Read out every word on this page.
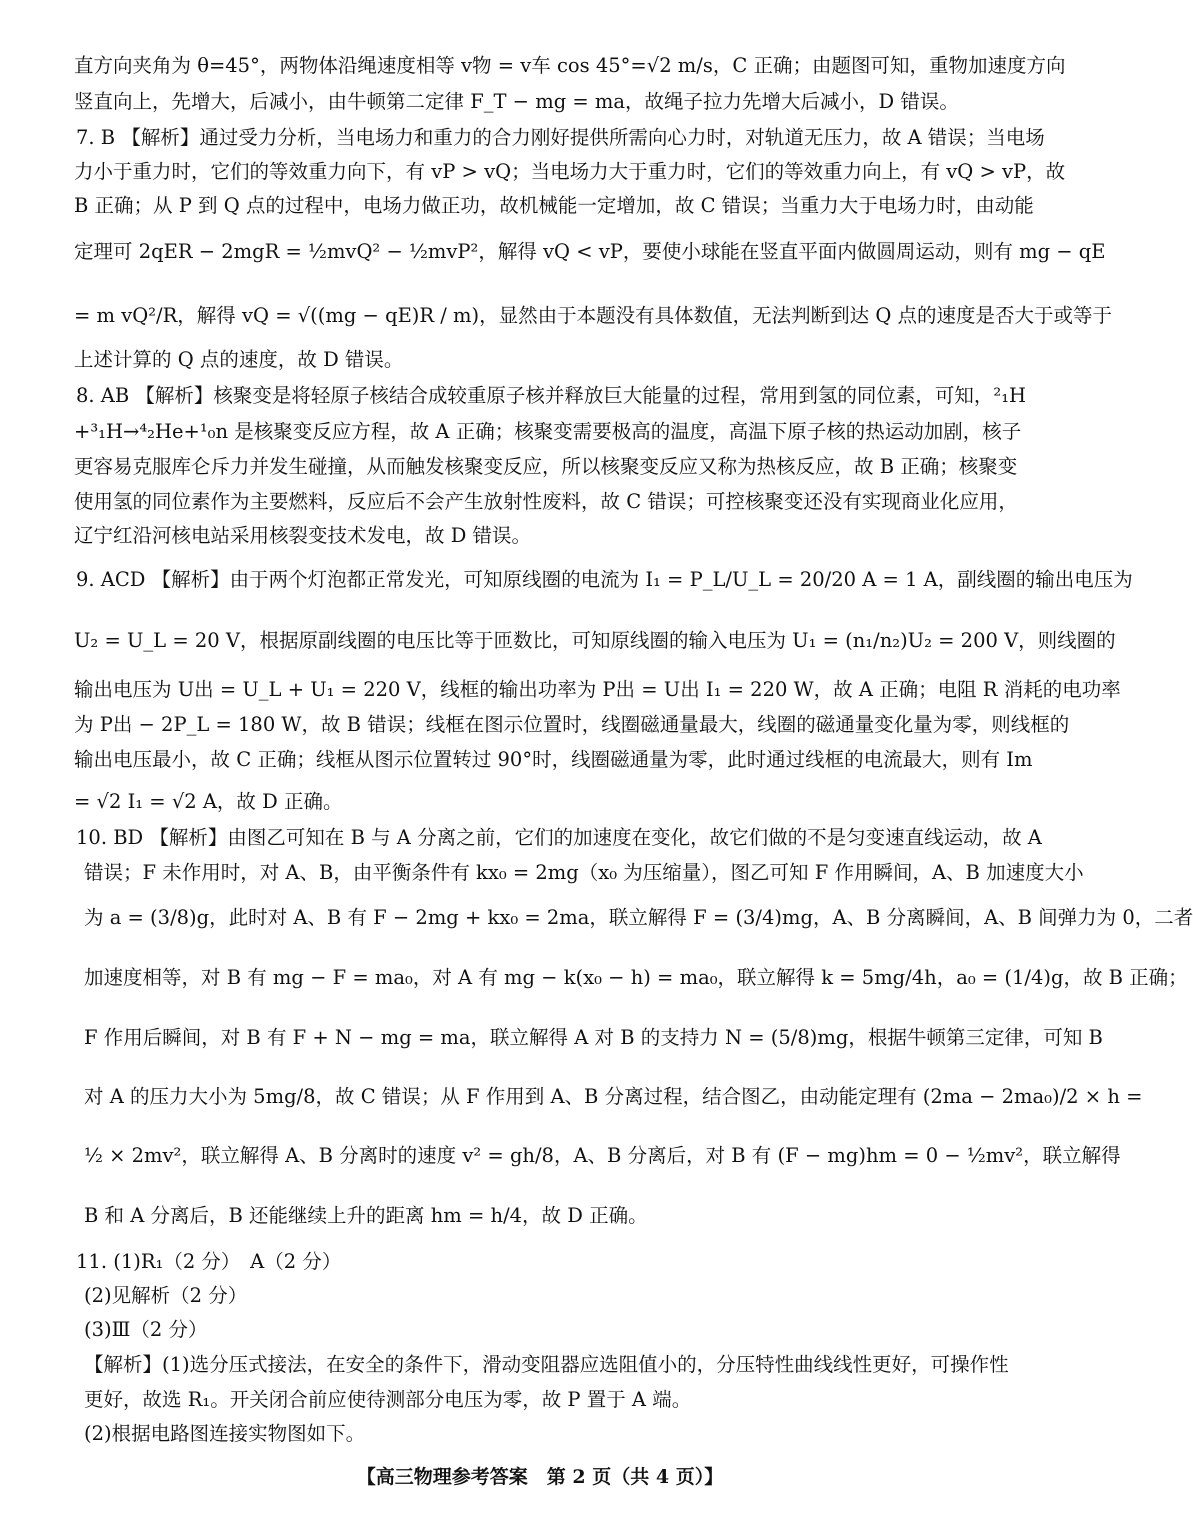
直方向夹角为 θ=45°，两物体沿绳速度相等 v物 = v车 cos 45°=√2 m/s，C 正确；由题图可知，重物加速度方向
竖直向上，先增大，后减小，由牛顿第二定律 F_T − mg = ma，故绳子拉力先增大后减小，D 错误。
7. B 【解析】通过受力分析，当电场力和重力的合力刚好提供所需向心力时，对轨道无压力，故 A 错误；当电场
力小于重力时，它们的等效重力向下，有 vP > vQ；当电场力大于重力时，它们的等效重力向上，有 vQ > vP，故
B 正确；从 P 到 Q 点的过程中，电场力做正功，故机械能一定增加，故 C 错误；当重力大于电场力时，由动能
定理可 2qER − 2mgR = ½mvQ² − ½mvP²，解得 vQ < vP，要使小球能在竖直平面内做圆周运动，则有 mg − qE
= m vQ²/R，解得 vQ = √((mg − qE)R / m)，显然由于本题没有具体数值，无法判断到达 Q 点的速度是否大于或等于
上述计算的 Q 点的速度，故 D 错误。
8. AB 【解析】核聚变是将轻原子核结合成较重原子核并释放巨大能量的过程，常用到氢的同位素，可知，²₁H
+³₁H→⁴₂He+¹₀n 是核聚变反应方程，故 A 正确；核聚变需要极高的温度，高温下原子核的热运动加剧，核子
更容易克服库仑斥力并发生碰撞，从而触发核聚变反应，所以核聚变反应又称为热核反应，故 B 正确；核聚变
使用氢的同位素作为主要燃料，反应后不会产生放射性废料，故 C 错误；可控核聚变还没有实现商业化应用，
辽宁红沿河核电站采用核裂变技术发电，故 D 错误。
9. ACD 【解析】由于两个灯泡都正常发光，可知原线圈的电流为 I₁ = P_L/U_L = 20/20 A = 1 A，副线圈的输出电压为
U₂ = U_L = 20 V，根据原副线圈的电压比等于匝数比，可知原线圈的输入电压为 U₁ = (n₁/n₂)U₂ = 200 V，则线圈的
输出电压为 U出 = U_L + U₁ = 220 V，线框的输出功率为 P出 = U出 I₁ = 220 W，故 A 正确；电阻 R 消耗的电功率
为 P出 − 2P_L = 180 W，故 B 错误；线框在图示位置时，线圈磁通量最大，线圈的磁通量变化量为零，则线框的
输出电压最小，故 C 正确；线框从图示位置转过 90°时，线圈磁通量为零，此时通过线框的电流最大，则有 Im
= √2 I₁ = √2 A，故 D 正确。
10. BD 【解析】由图乙可知在 B 与 A 分离之前，它们的加速度在变化，故它们做的不是匀变速直线运动，故 A
错误；F 未作用时，对 A、B，由平衡条件有 kx₀ = 2mg（x₀ 为压缩量），图乙可知 F 作用瞬间，A、B 加速度大小
为 a = (3/8)g，此时对 A、B 有 F − 2mg + kx₀ = 2ma，联立解得 F = (3/4)mg，A、B 分离瞬间，A、B 间弹力为 0，二者
加速度相等，对 B 有 mg − F = ma₀，对 A 有 mg − k(x₀ − h) = ma₀，联立解得 k = 5mg/4h，a₀ = (1/4)g，故 B 正确；
F 作用后瞬间，对 B 有 F + N − mg = ma，联立解得 A 对 B 的支持力 N = (5/8)mg，根据牛顿第三定律，可知 B
对 A 的压力大小为 5mg/8，故 C 错误；从 F 作用到 A、B 分离过程，结合图乙，由动能定理有 (2ma − 2ma₀)/2 × h =
½ × 2mv²，联立解得 A、B 分离时的速度 v² = gh/8，A、B 分离后，对 B 有 (F − mg)hm = 0 − ½mv²，联立解得
B 和 A 分离后，B 还能继续上升的距离 hm = h/4，故 D 正确。
11. (1)R₁（2 分）　A（2 分）
(2)见解析（2 分）
(3)Ⅲ（2 分）
【解析】(1)选分压式接法，在安全的条件下，滑动变阻器应选阻值小的，分压特性曲线线性更好，可操作性
更好，故选 R₁。开关闭合前应使待测部分电压为零，故 P 置于 A 端。
(2)根据电路图连接实物图如下。
【高三物理参考答案　第 2 页（共 4 页）】
